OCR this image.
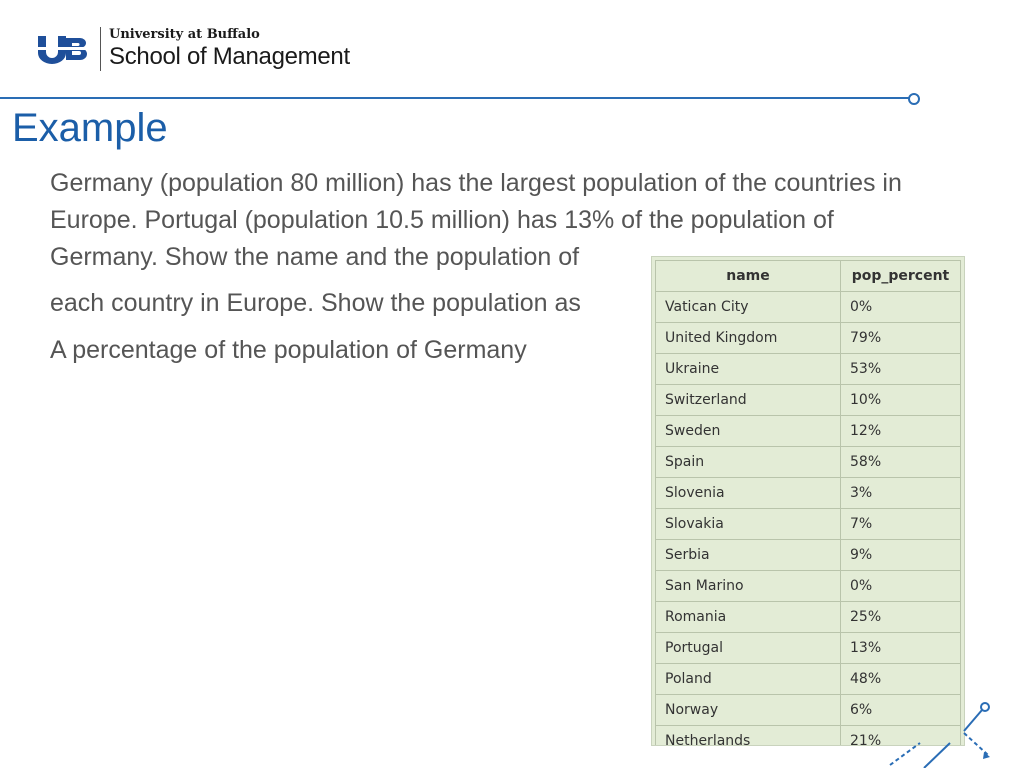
University at Buffalo
School of Management
Example
Germany (population 80 million) has the largest population of the countries in
Europe. Portugal (population 10.5 million) has 13% of the population of
Germany. Show the name and the population of
each country in Europe. Show the population as
A percentage of the population of Germany
name	pop_percent
Vatican City	0%
United Kingdom	79%
Ukraine	53%
Switzerland	10%
Sweden	12%
Spain	58%
Slovenia	3%
Slovakia	7%
Serbia	9%
San Marino	0%
Romania	25%
Portugal	13%
Poland	48%
Norway	6%
Netherlands	21%
